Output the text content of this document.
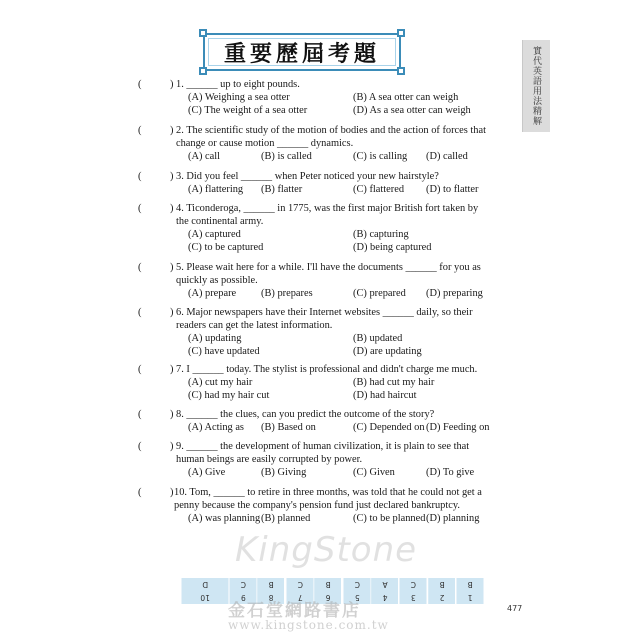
重要歷屆考題	實代英語用法精解
(	) 1. ______ up to eight pounds.
(A) Weighing a sea otter	(B) A sea otter can weigh
(C) The weight of a sea otter	(D) As a sea otter can weigh
(	) 2. The scientific study of the motion of bodies and the action of forces that change or cause motion ______ dynamics.
(A) call	(B) is called	(C) is calling (D) called
(	) 3. Did you feel ______ when Peter noticed your new hairstyle?
(A) flattering (B) flatter	(C) flattered (D) to flatter
(	) 4. Ticonderoga, ______ in 1775, was the first major British fort taken by the continental army.
(A) captured	(B) capturing
(C) to be captured	(D) being captured
(	) 5. Please wait here for a while. I'll have the documents ______ for you as quickly as possible.
(A) prepare (B) prepares	(C) prepared (D) preparing
(	) 6. Major newspapers have their Internet websites ______ daily, so their readers can get the latest information.
(A) updating	(B) updated
(C) have updated	(D) are updating
(	) 7. I ______ today. The stylist is professional and didn't charge me much.
(A) cut my hair	(B) had cut my hair
(C) had my hair cut	(D) had haircut
(	) 8. ______ the clues, can you predict the outcome of the story?
(A) Acting as (B) Based on	(C) Depended on (D) Feeding on
(	) 9. ______ the development of human civilization, it is plain to see that human beings are easily corrupted by power.
(A) Give	(B) Giving	(C) Given	(D) To give
(	) 10. Tom, ______ to retire in three months, was told that he could not get a penny because the company's pension fund just declared bankruptcy.
(A) was planning (B) planned	(C) to be planned (D) planning
KingStone
D	C	B	C	B	C	A	C	B	B
10	9	8	7	6	5	4	3	2	1
金石堂網路書店
www.kingstone.com.tw
477
